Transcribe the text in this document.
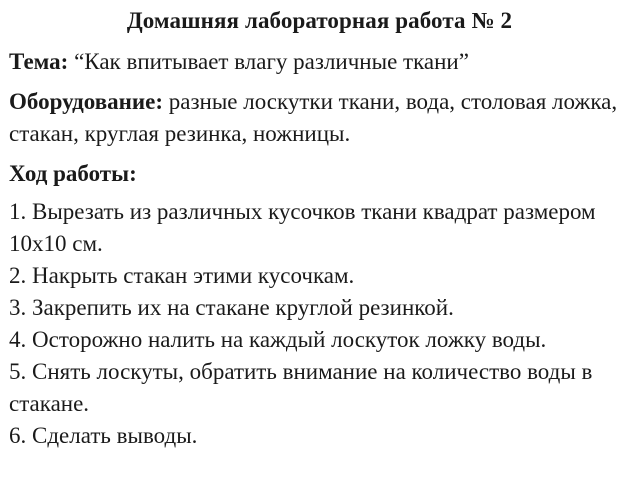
Домашняя лабораторная работа № 2

Тема: “Как впитывает влагу различные ткани”

Оборудование: разные лоскутки ткани, вода, столовая ложка, стакан, круглая резинка, ножницы.

Ход работы:

1. Вырезать из различных кусочков ткани квадрат размером 10х10 см.
2. Накрыть стакан этими кусочкам.
3. Закрепить их на стакане круглой резинкой.
4. Осторожно налить на каждый лоскуток ложку воды.
5. Снять лоскуты, обратить внимание на количество воды в стакане.
6. Сделать выводы.
